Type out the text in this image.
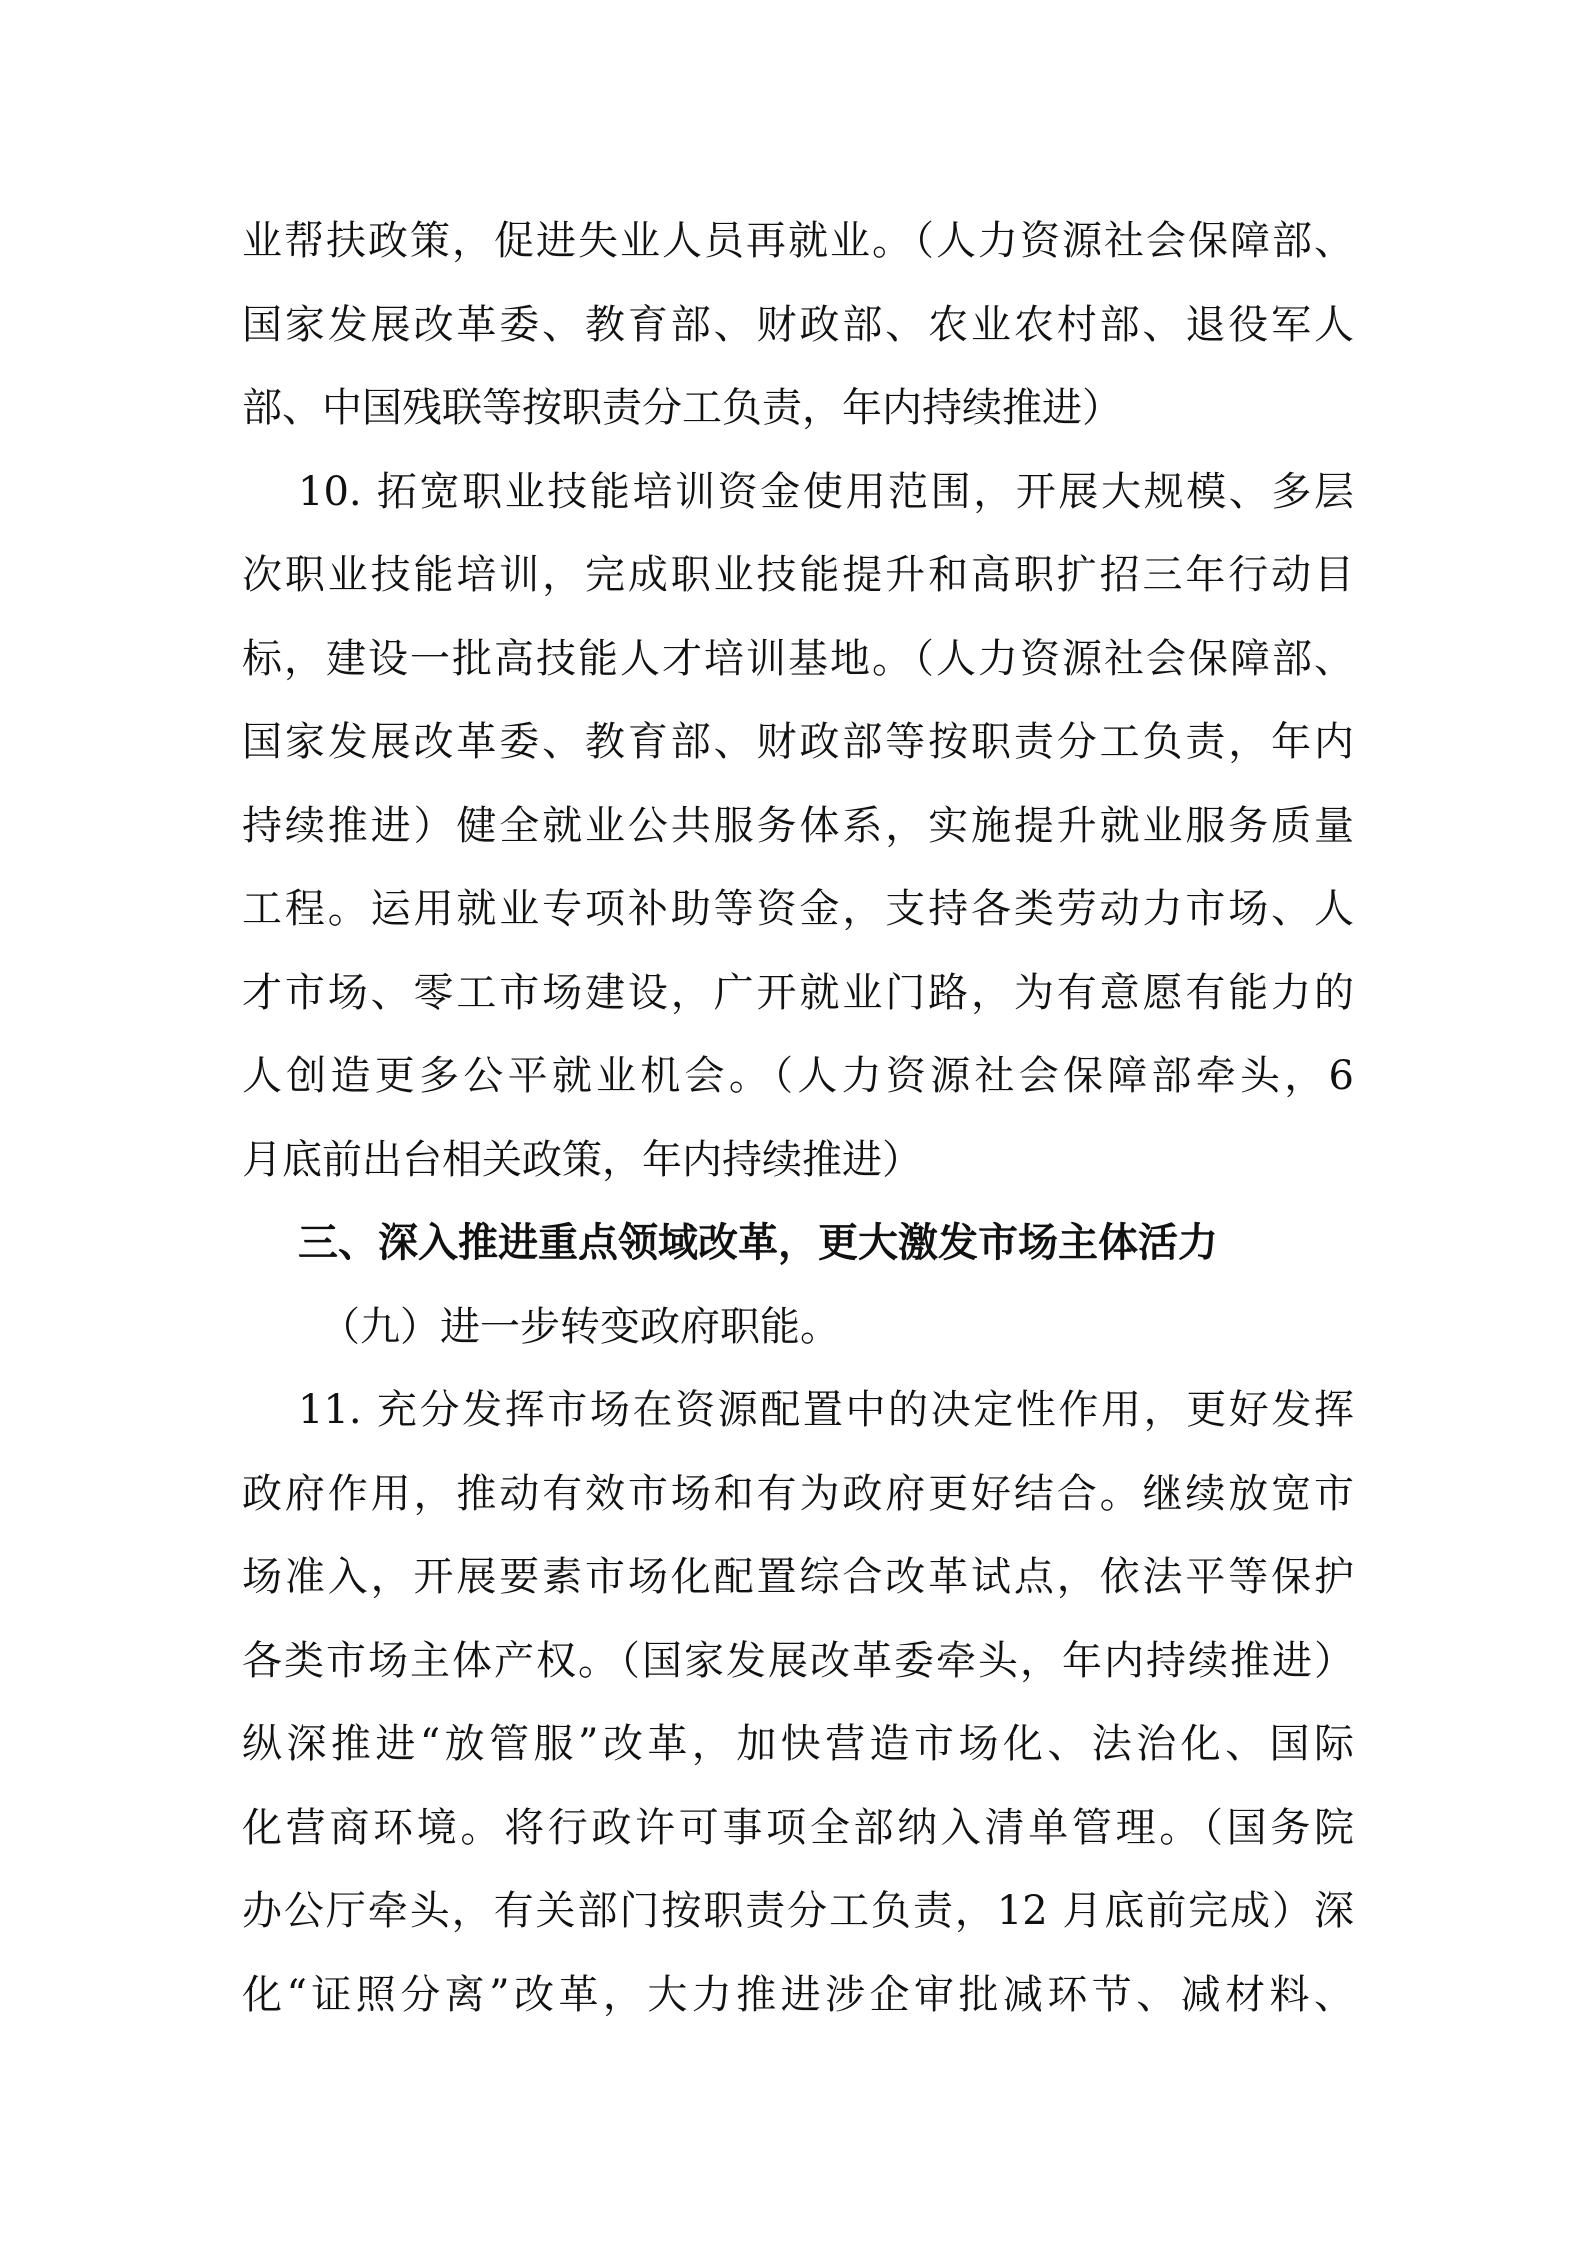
业帮扶政策，促进失业人员再就业。（人力资源社会保障部、
国家发展改革委、教育部、财政部、农业农村部、退役军人
部、中国残联等按职责分工负责，年内持续推进）
10. 拓宽职业技能培训资金使用范围，开展大规模、多层
次职业技能培训，完成职业技能提升和高职扩招三年行动目
标，建设一批高技能人才培训基地。（人力资源社会保障部、
国家发展改革委、教育部、财政部等按职责分工负责，年内
持续推进）健全就业公共服务体系，实施提升就业服务质量
工程。运用就业专项补助等资金，支持各类劳动力市场、人
才市场、零工市场建设，广开就业门路，为有意愿有能力的
人创造更多公平就业机会。（人力资源社会保障部牵头，6
月底前出台相关政策，年内持续推进）
三、深入推进重点领域改革，更大激发市场主体活力
（九）进一步转变政府职能。
11. 充分发挥市场在资源配置中的决定性作用，更好发挥
政府作用，推动有效市场和有为政府更好结合。继续放宽市
场准入，开展要素市场化配置综合改革试点，依法平等保护
各类市场主体产权。（国家发展改革委牵头，年内持续推进）
纵深推进“放管服”改革，加快营造市场化、法治化、国际
化营商环境。将行政许可事项全部纳入清单管理。（国务院
办公厅牵头，有关部门按职责分工负责，12 月底前完成）深
化“证照分离”改革，大力推进涉企审批减环节、减材料、
